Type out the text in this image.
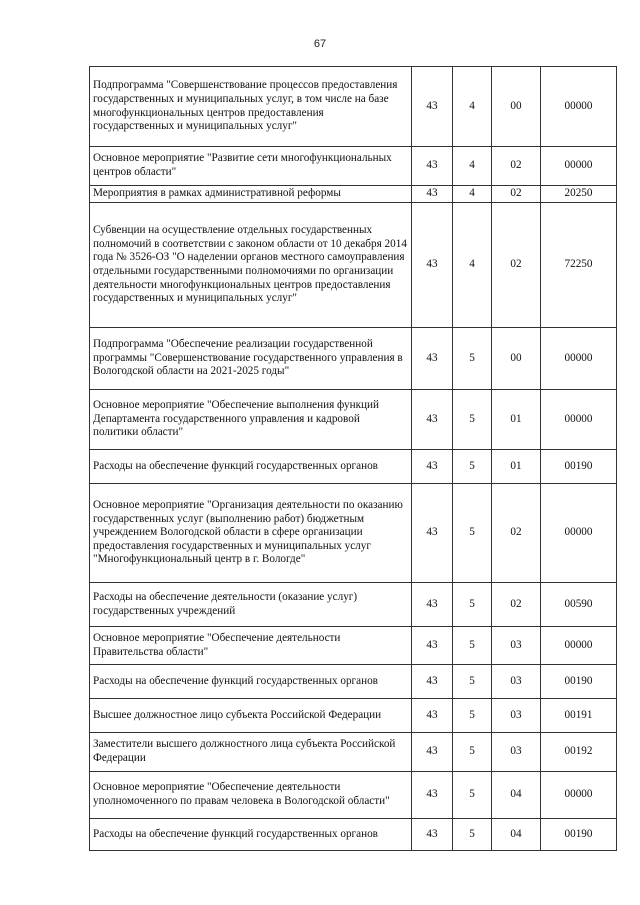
67
Подпрограмма "Совершенствование процессов предоставления государственных и муниципальных услуг, в том числе на базе многофункциональных центров предоставления государственных и муниципальных услуг"	43	4	00	00000
Основное мероприятие "Развитие сети многофункциональных центров области"	43	4	02	00000
Мероприятия в рамках административной реформы	43	4	02	20250
Субвенции на осуществление отдельных государственных полномочий в соответствии с законом области от 10 декабря 2014 года № 3526-ОЗ "О наделении органов местного самоуправления отдельными государственными полномочиями по организации деятельности многофункциональных центров предоставления государственных и муниципальных услуг"	43	4	02	72250
Подпрограмма "Обеспечение реализации государственной программы "Совершенствование государственного управления в Вологодской области на 2021-2025 годы"	43	5	00	00000
Основное мероприятие "Обеспечение выполнения функций Департамента государственного управления и кадровой политики области"	43	5	01	00000
Расходы на обеспечение функций государственных органов	43	5	01	00190
Основное мероприятие "Организация деятельности по оказанию государственных услуг (выполнению работ) бюджетным учреждением Вологодской области в сфере организации предоставления государственных и муниципальных услуг "Многофункциональный центр в г. Вологде"	43	5	02	00000
Расходы на обеспечение деятельности (оказание услуг) государственных учреждений	43	5	02	00590
Основное мероприятие "Обеспечение деятельности Правительства области"	43	5	03	00000
Расходы на обеспечение функций государственных органов	43	5	03	00190
Высшее должностное лицо субъекта Российской Федерации	43	5	03	00191
Заместители высшего должностного лица субъекта Российской Федерации	43	5	03	00192
Основное мероприятие "Обеспечение деятельности уполномоченного по правам человека в Вологодской области"	43	5	04	00000
Расходы на обеспечение функций государственных органов	43	5	04	00190
